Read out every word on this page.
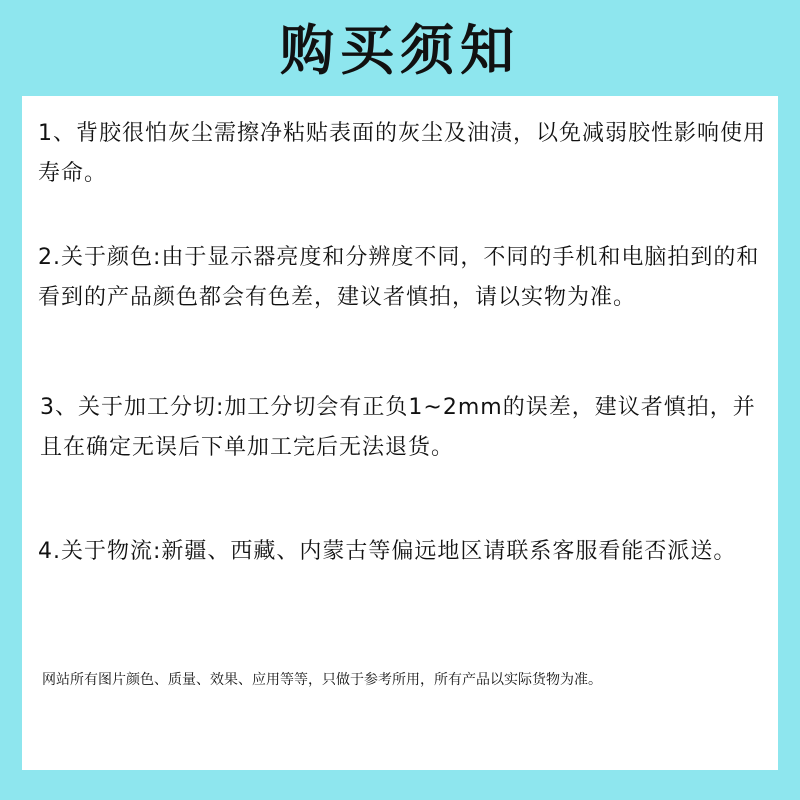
购买须知

1、背胶很怕灰尘需擦净粘贴表面的灰尘及油渍，以免减弱胶性影响使用寿命。

2.关于颜色:由于显示器亮度和分辨度不同，不同的手机和电脑拍到的和看到的产品颜色都会有色差，建议者慎拍，请以实物为准。

3、关于加工分切:加工分切会有正负1~2mm的误差，建议者慎拍，并且在确定无误后下单加工完后无法退货。

4.关于物流:新疆、西藏、内蒙古等偏远地区请联系客服看能否派送。

网站所有图片颜色、质量、效果、应用等等，只做于参考所用，所有产品以实际货物为准。
